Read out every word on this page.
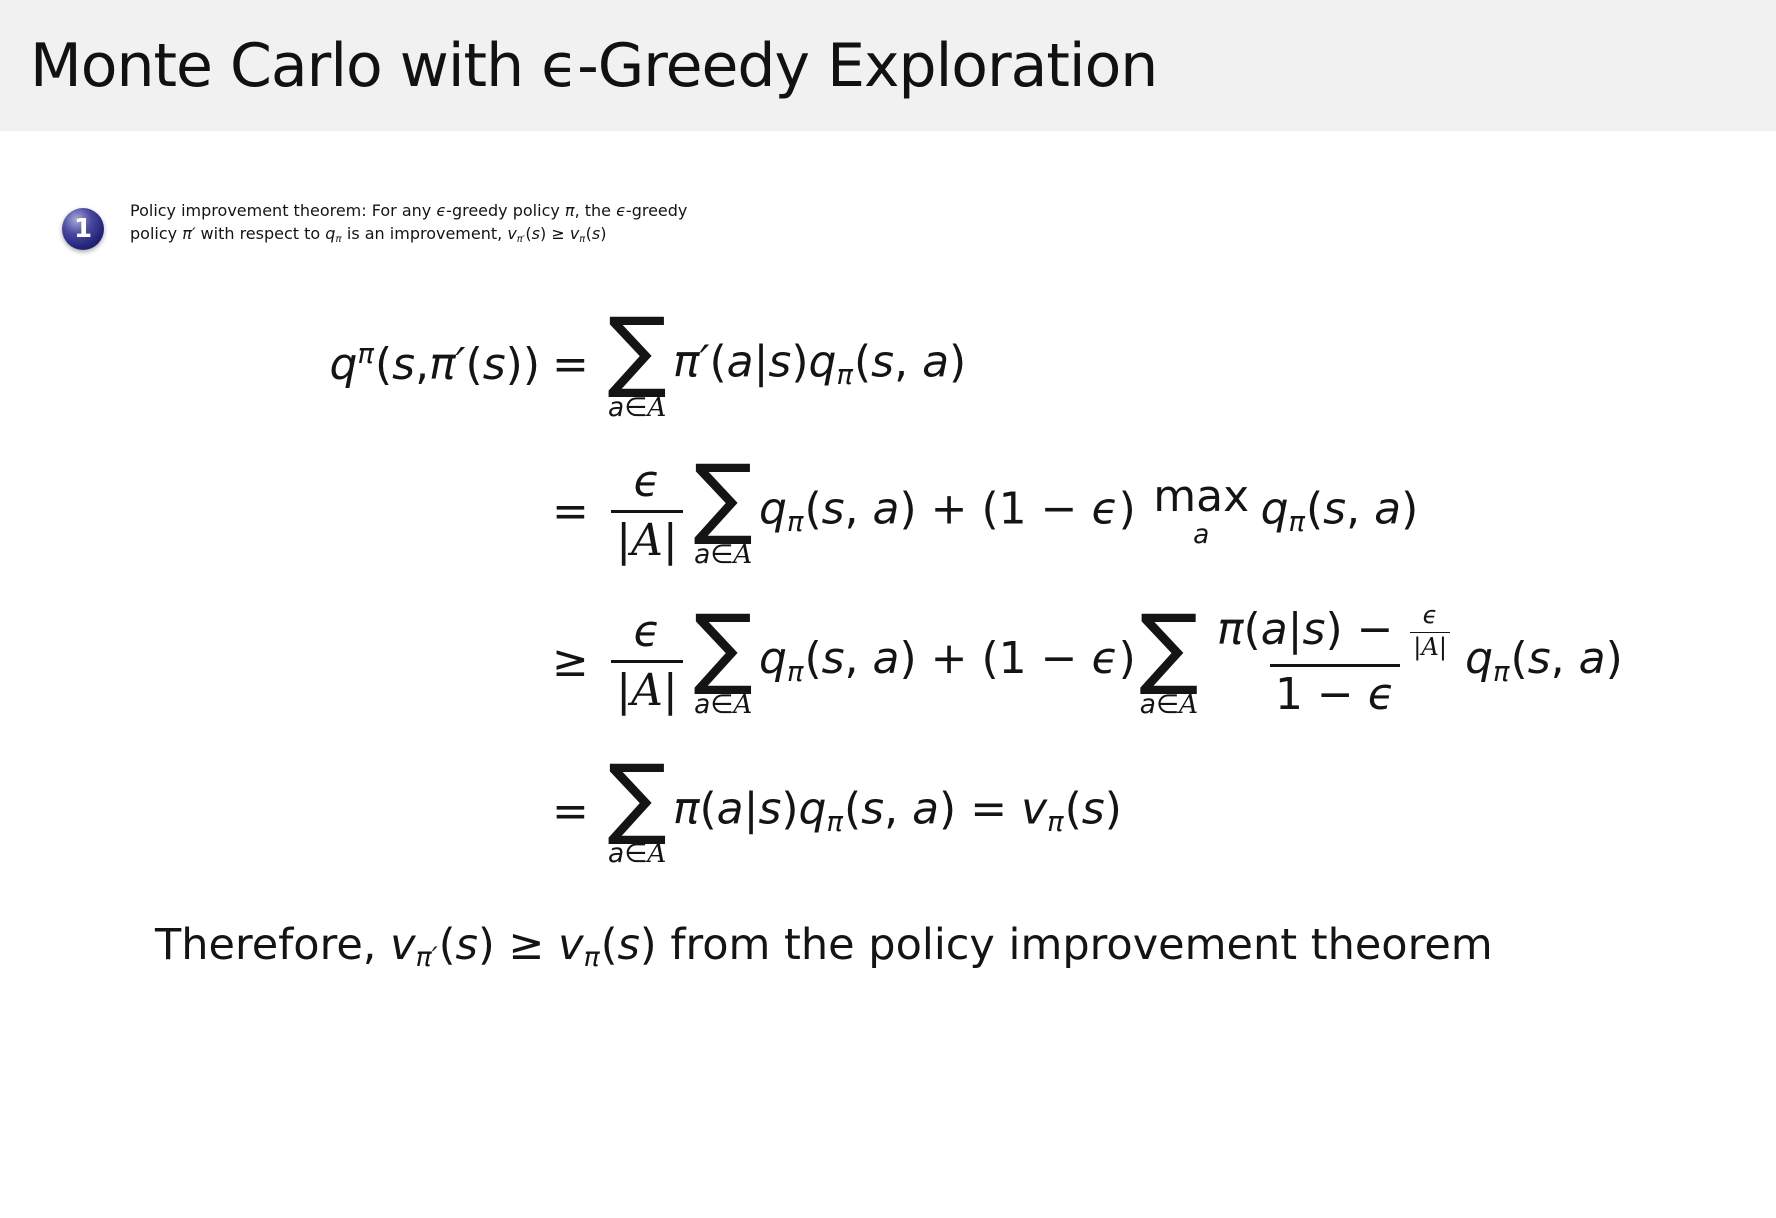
Monte Carlo with ϵ-Greedy Exploration
1

Policy improvement theorem: For any ϵ-greedy policy π, the ϵ-greedy
policy π′ with respect to qπ is an improvement, vπ′(s) ≥ vπ(s)

q π ( s , π′ ( s )) = ∑
a∈A
π′(a|s)qπ(s, a)
= $\frac{\epsilon}{|A|}$ ∑
a∈A
qπ(s, a) + (1 − ϵ) max
a qπ(s, a)
≥ $\frac{\epsilon}{|A|}$ ∑
a∈A
qπ(s, a) + (1 − ϵ) ∑
a∈A $\frac{\pi(a|s) - \frac{\epsilon}{|A|}}{1 - \epsilon} q\pi(s$, a)
= ∑
a∈A
π(a|s)qπ(s, a) = vπ(s)

Therefore, vπ′(s) ≥ vπ(s) from the policy improvement theorem
